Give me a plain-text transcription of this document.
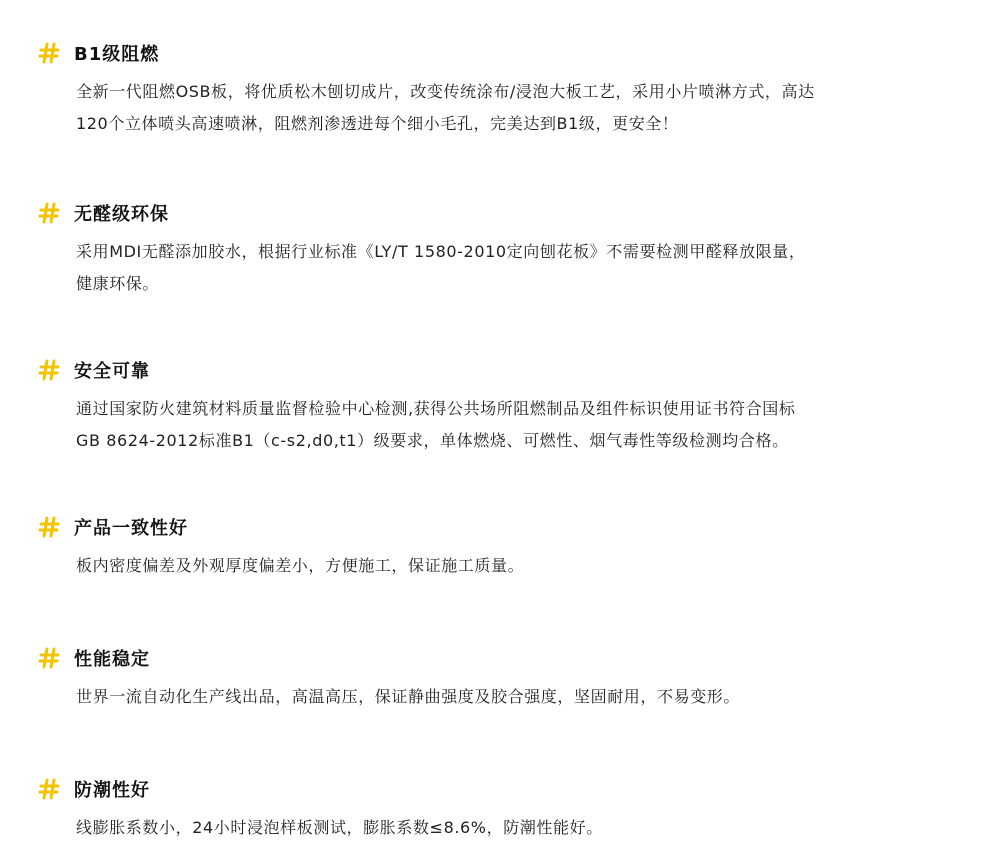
B1级阻燃
全新一代阻燃OSB板，将优质松木刨切成片，改变传统涂布/浸泡大板工艺，采用小片喷淋方式，高达
120个立体喷头高速喷淋，阻燃剂渗透进每个细小毛孔，完美达到B1级，更安全！
无醛级环保
采用MDI无醛添加胶水，根据行业标准《LY/T 1580-2010定向刨花板》不需要检测甲醛释放限量，
健康环保。
安全可靠
通过国家防火建筑材料质量监督检验中心检测,获得公共场所阻燃制品及组件标识使用证书符合国标
GB 8624-2012标准B1（c-s2,d0,t1）级要求，单体燃烧、可燃性、烟气毒性等级检测均合格。
产品一致性好
板内密度偏差及外观厚度偏差小，方便施工，保证施工质量。
性能稳定
世界一流自动化生产线出品，高温高压，保证静曲强度及胶合强度，坚固耐用，不易变形。
防潮性好
线膨胀系数小，24小时浸泡样板测试，膨胀系数≤8.6%，防潮性能好。
